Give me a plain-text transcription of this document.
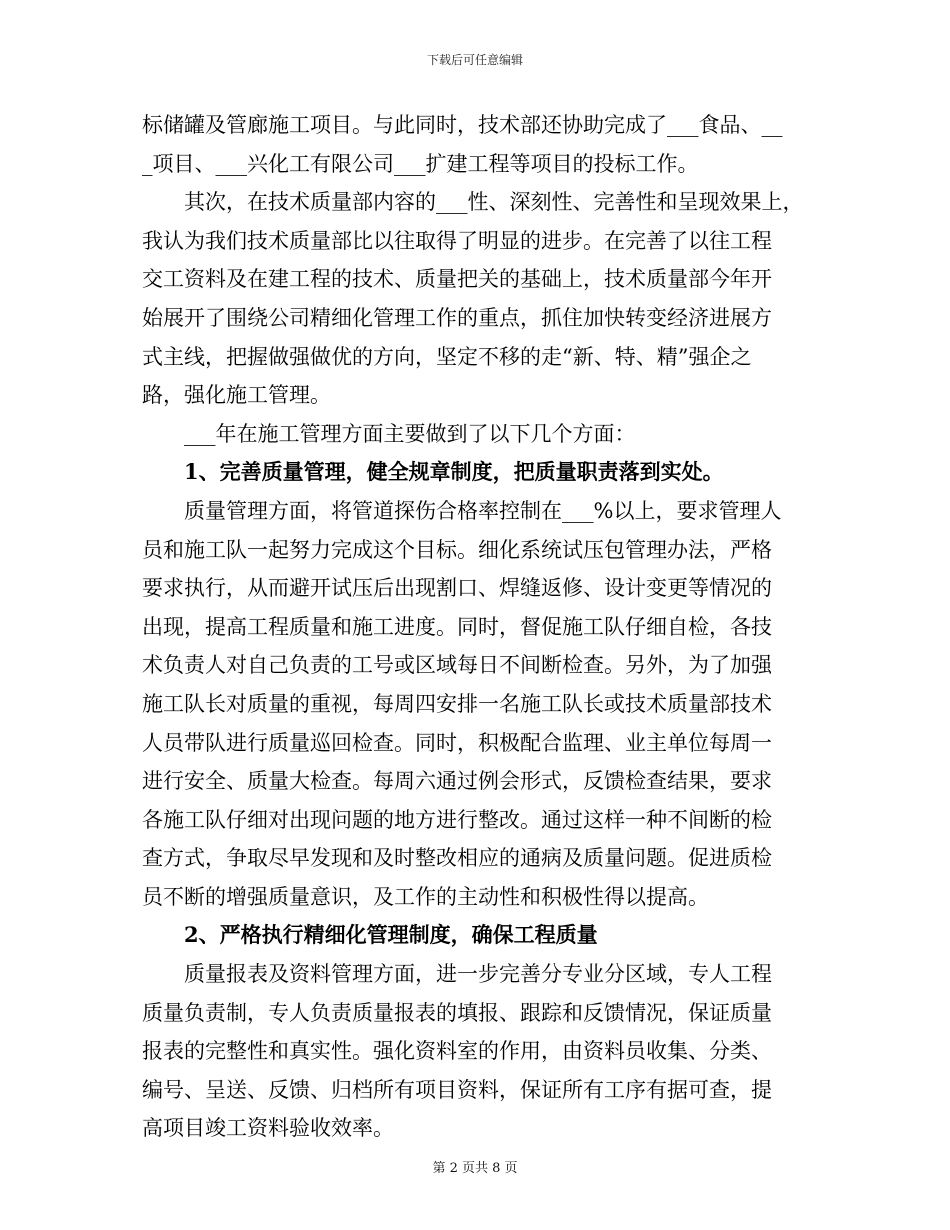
下载后可任意编辑

标储罐及管廊施工项目。与此同时，技术部还协助完成了___食品、__
_项目、___兴化工有限公司___扩建工程等项目的投标工作。

其次，在技术质量部内容的___性、深刻性、完善性和呈现效果上，
我认为我们技术质量部比以往取得了明显的进步。在完善了以往工程
交工资料及在建工程的技术、质量把关的基础上，技术质量部今年开
始展开了围绕公司精细化管理工作的重点，抓住加快转变经济进展方
式主线，把握做强做优的方向，坚定不移的走“新、特、精”强企之
路，强化施工管理。

___年在施工管理方面主要做到了以下几个方面：

1、完善质量管理，健全规章制度，把质量职责落到实处。

质量管理方面，将管道探伤合格率控制在___%以上，要求管理人
员和施工队一起努力完成这个目标。细化系统试压包管理办法，严格
要求执行，从而避开试压后出现割口、焊缝返修、设计变更等情况的
出现，提高工程质量和施工进度。同时，督促施工队仔细自检，各技
术负责人对自己负责的工号或区域每日不间断检查。另外，为了加强
施工队长对质量的重视，每周四安排一名施工队长或技术质量部技术
人员带队进行质量巡回检查。同时，积极配合监理、业主单位每周一
进行安全、质量大检查。每周六通过例会形式，反馈检查结果，要求
各施工队仔细对出现问题的地方进行整改。通过这样一种不间断的检
查方式，争取尽早发现和及时整改相应的通病及质量问题。促进质检
员不断的增强质量意识，及工作的主动性和积极性得以提高。

2、严格执行精细化管理制度，确保工程质量

质量报表及资料管理方面，进一步完善分专业分区域，专人工程
质量负责制，专人负责质量报表的填报、跟踪和反馈情况，保证质量
报表的完整性和真实性。强化资料室的作用，由资料员收集、分类、
编号、呈送、反馈、归档所有项目资料，保证所有工序有据可查，提
高项目竣工资料验收效率。

第 2 页共 8 页
